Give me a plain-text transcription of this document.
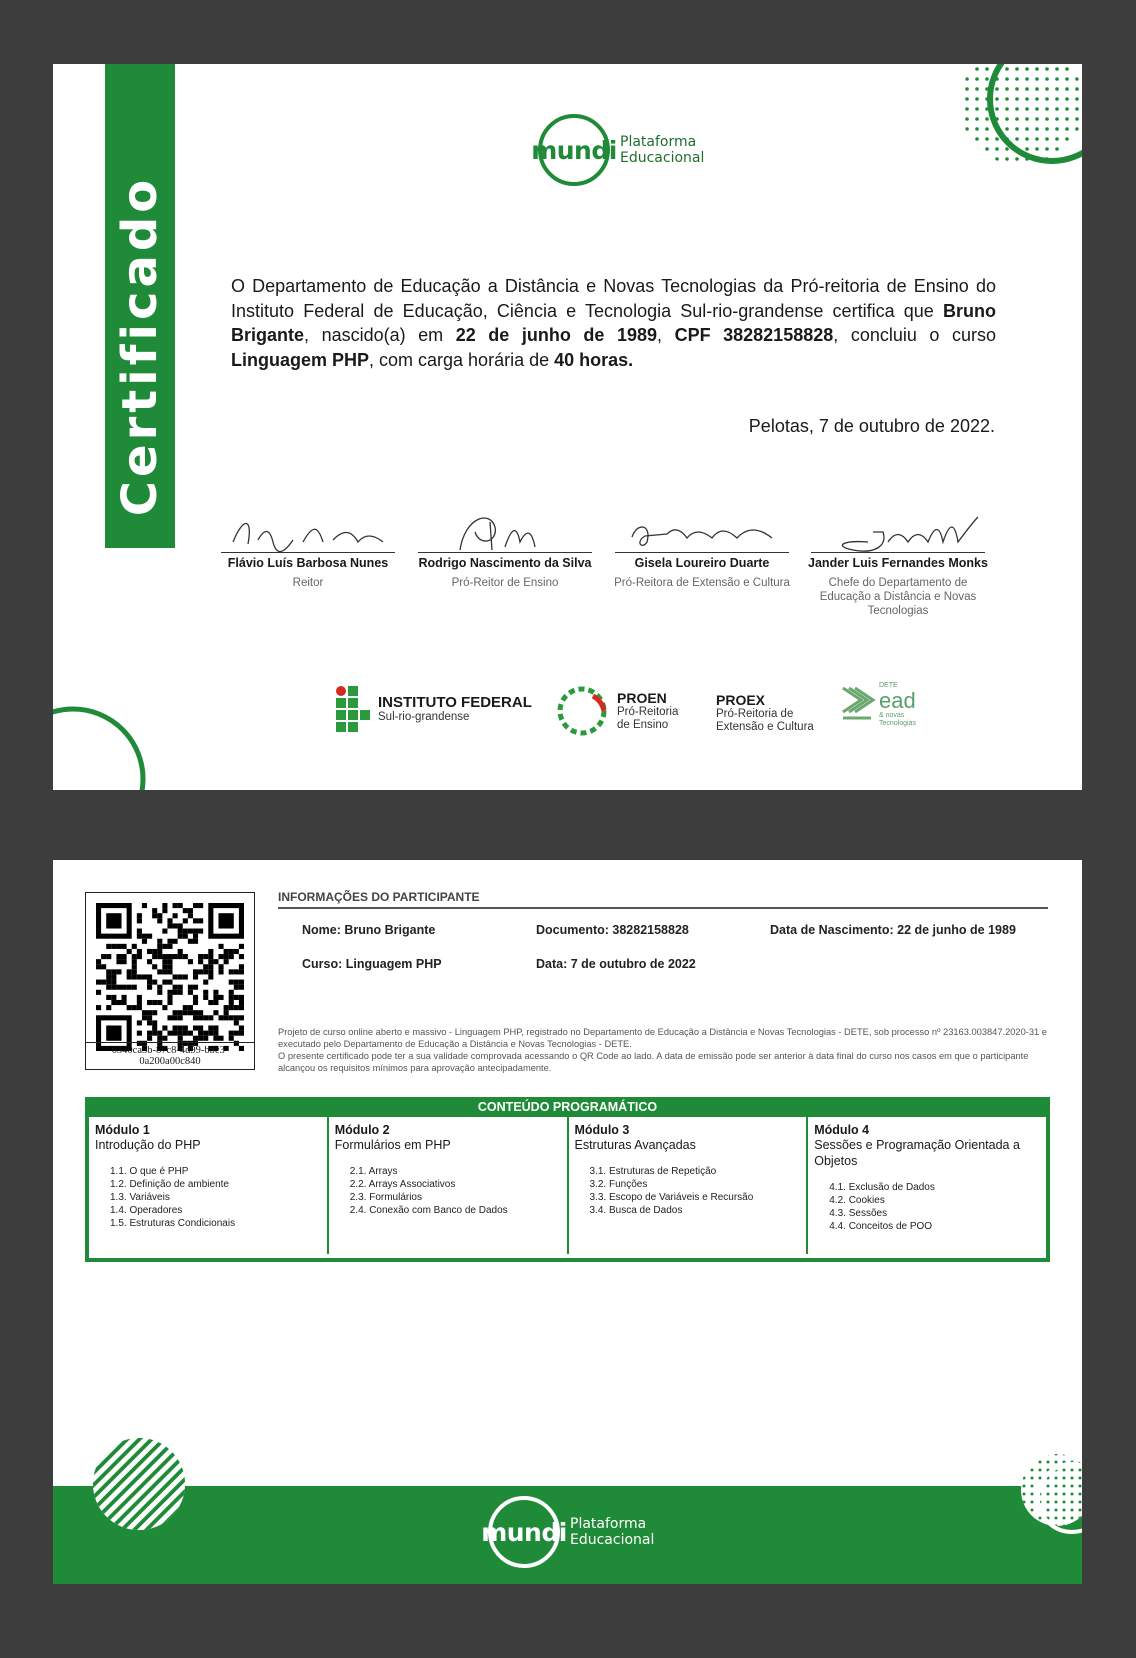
Certificado
mundi Plataforma
Educacional
O Departamento de Educação a Distância e Novas Tecnologias da Pró-reitoria de Ensino do Instituto Federal de Educação, Ciência e Tecnologia Sul-rio-grandense certifica que Bruno Brigante, nascido(a) em 22 de junho de 1989, CPF 38282158828, concluiu o curso Linguagem PHP, com carga horária de 40 horas.
Pelotas, 7 de outubro de 2022.
Flávio Luís Barbosa Nunes
Reitor
Rodrigo Nascimento da Silva
Pró-Reitor de Ensino
Gisela Loureiro Duarte
Pró-Reitora de Extensão e Cultura
Jander Luis Fernandes Monks
Chefe do Departamento de Educação a Distância e Novas Tecnologias
INSTITUTO FEDERAL
Sul-rio-grandense
PROEN
Pró-Reitoria
de Ensino
PROEX
Pró-Reitoria de
Extensão e Cultura
DETE
ead
& novas
Tecnologias
6340ca5b-87c8-4d99-bbc3-0a200a00c840
INFORMAÇÕES DO PARTICIPANTE
Nome: Bruno Brigante	Documento: 38282158828	Data de Nascimento: 22 de junho de 1989
Curso: Linguagem PHP	Data: 7 de outubro de 2022
Projeto de curso online aberto e massivo - Linguagem PHP, registrado no Departamento de Educação a Distância e Novas Tecnologias - DETE, sob processo nº 23163.003847.2020-31 e executado pelo Departamento de Educação a Distância e Novas Tecnologias - DETE.
O presente certificado pode ter a sua validade comprovada acessando o QR Code ao lado. A data de emissão pode ser anterior à data final do curso nos casos em que o participante alcançou os requisitos mínimos para aprovação antecipadamente.
CONTEÚDO PROGRAMÁTICO
Módulo 1
Introdução do PHP
1.1. O que é PHP
1.2. Definição de ambiente
1.3. Variáveis
1.4. Operadores
1.5. Estruturas Condicionais
Módulo 2
Formulários em PHP
2.1. Arrays
2.2. Arrays Associativos
2.3. Formulários
2.4. Conexão com Banco de Dados
Módulo 3
Estruturas Avançadas
3.1. Estruturas de Repetição
3.2. Funções
3.3. Escopo de Variáveis e Recursão
3.4. Busca de Dados
Módulo 4
Sessões e Programação Orientada a Objetos
4.1. Exclusão de Dados
4.2. Cookies
4.3. Sessões
4.4. Conceitos de POO
mundi Plataforma
Educacional
